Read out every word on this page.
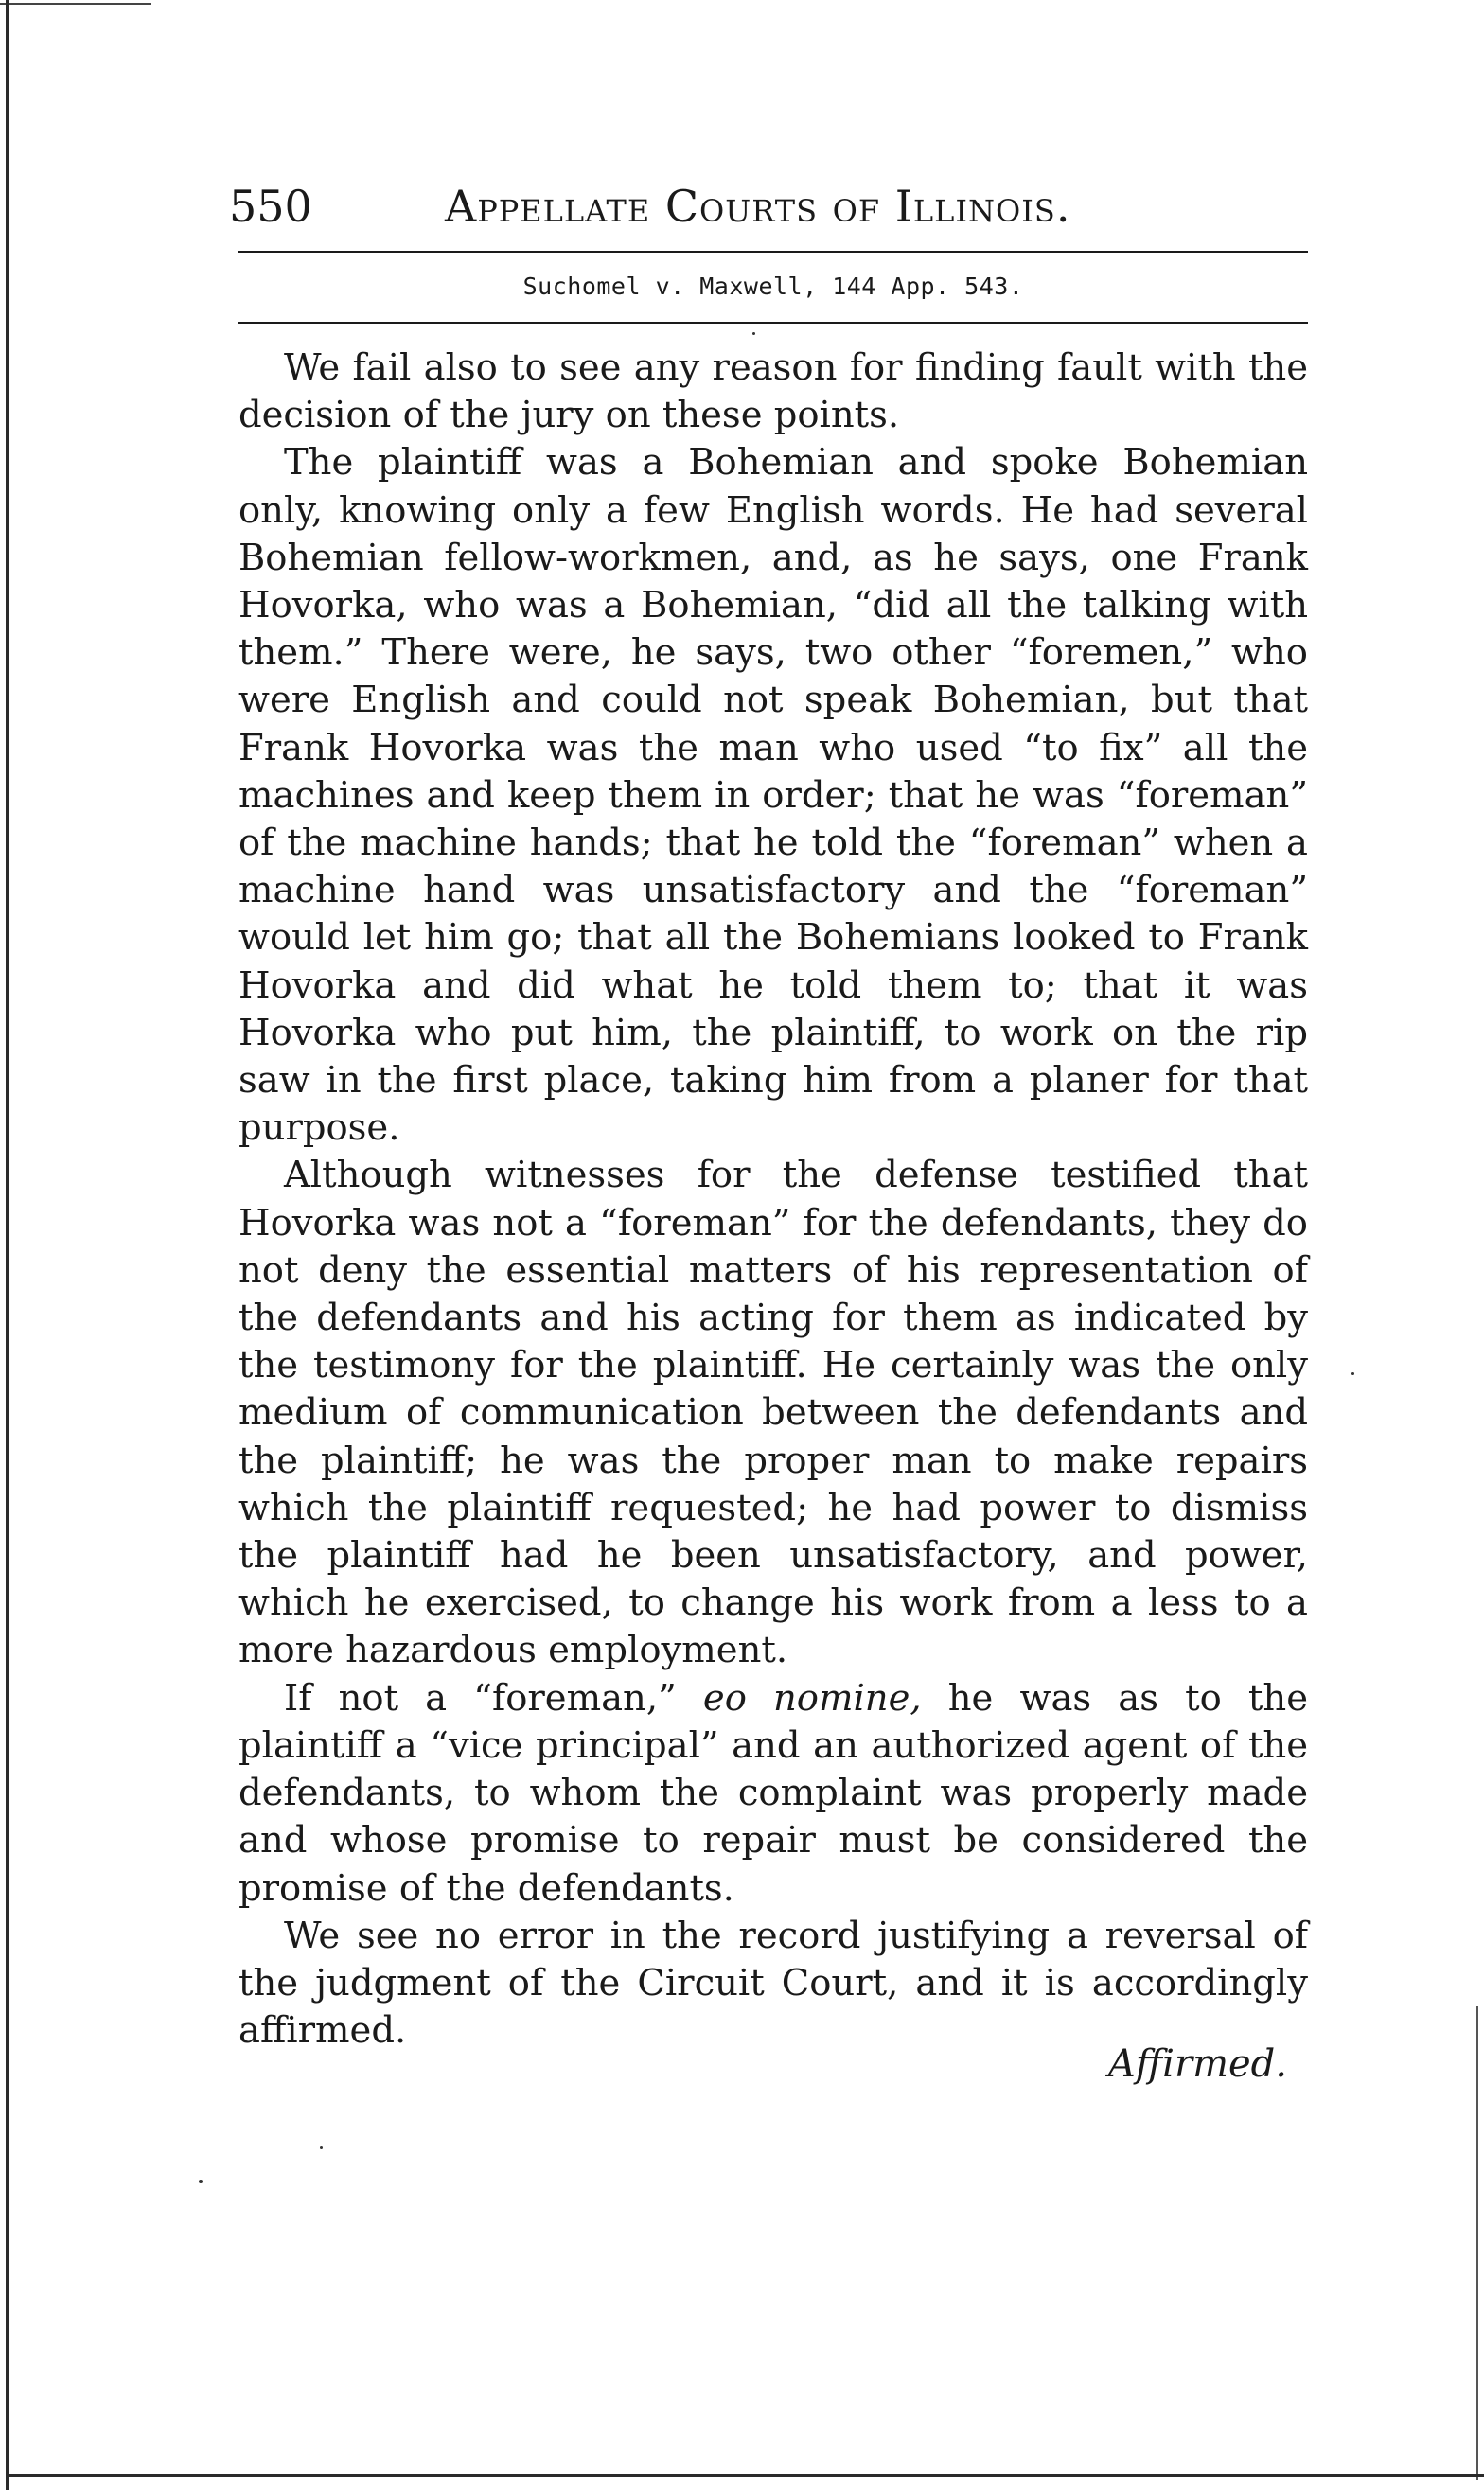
550	Appellate Courts of Illinois.
Suchomel v. Maxwell, 144 App. 543.

We fail also to see any reason for finding fault with the decision of the jury on these points.

The plaintiff was a Bohemian and spoke Bohemian only, knowing only a few English words. He had several Bohemian fellow-workmen, and, as he says, one Frank Hovorka, who was a Bohemian, “did all the talking with them.” There were, he says, two other “foremen,” who were English and could not speak Bohemian, but that Frank Hovorka was the man who used “to fix” all the machines and keep them in order; that he was “foreman” of the machine hands; that he told the “foreman” when a machine hand was unsatisfactory and the “foreman” would let him go; that all the Bohemians looked to Frank Hovorka and did what he told them to; that it was Hovorka who put him, the plaintiff, to work on the rip saw in the first place, taking him from a planer for that purpose.

Although witnesses for the defense testified that Hovorka was not a “foreman” for the defendants, they do not deny the essential matters of his representation of the defendants and his acting for them as indicated by the testimony for the plaintiff. He certainly was the only medium of communication between the defendants and the plaintiff; he was the proper man to make repairs which the plaintiff requested; he had power to dismiss the plaintiff had he been unsatisfactory, and power, which he exercised, to change his work from a less to a more hazardous employment.

If not a “foreman,” eo nomine, he was as to the plaintiff a “vice principal” and an authorized agent of the defendants, to whom the complaint was properly made and whose promise to repair must be considered the promise of the defendants.

We see no error in the record justifying a reversal of the judgment of the Circuit Court, and it is accordingly affirmed.

Affirmed.
